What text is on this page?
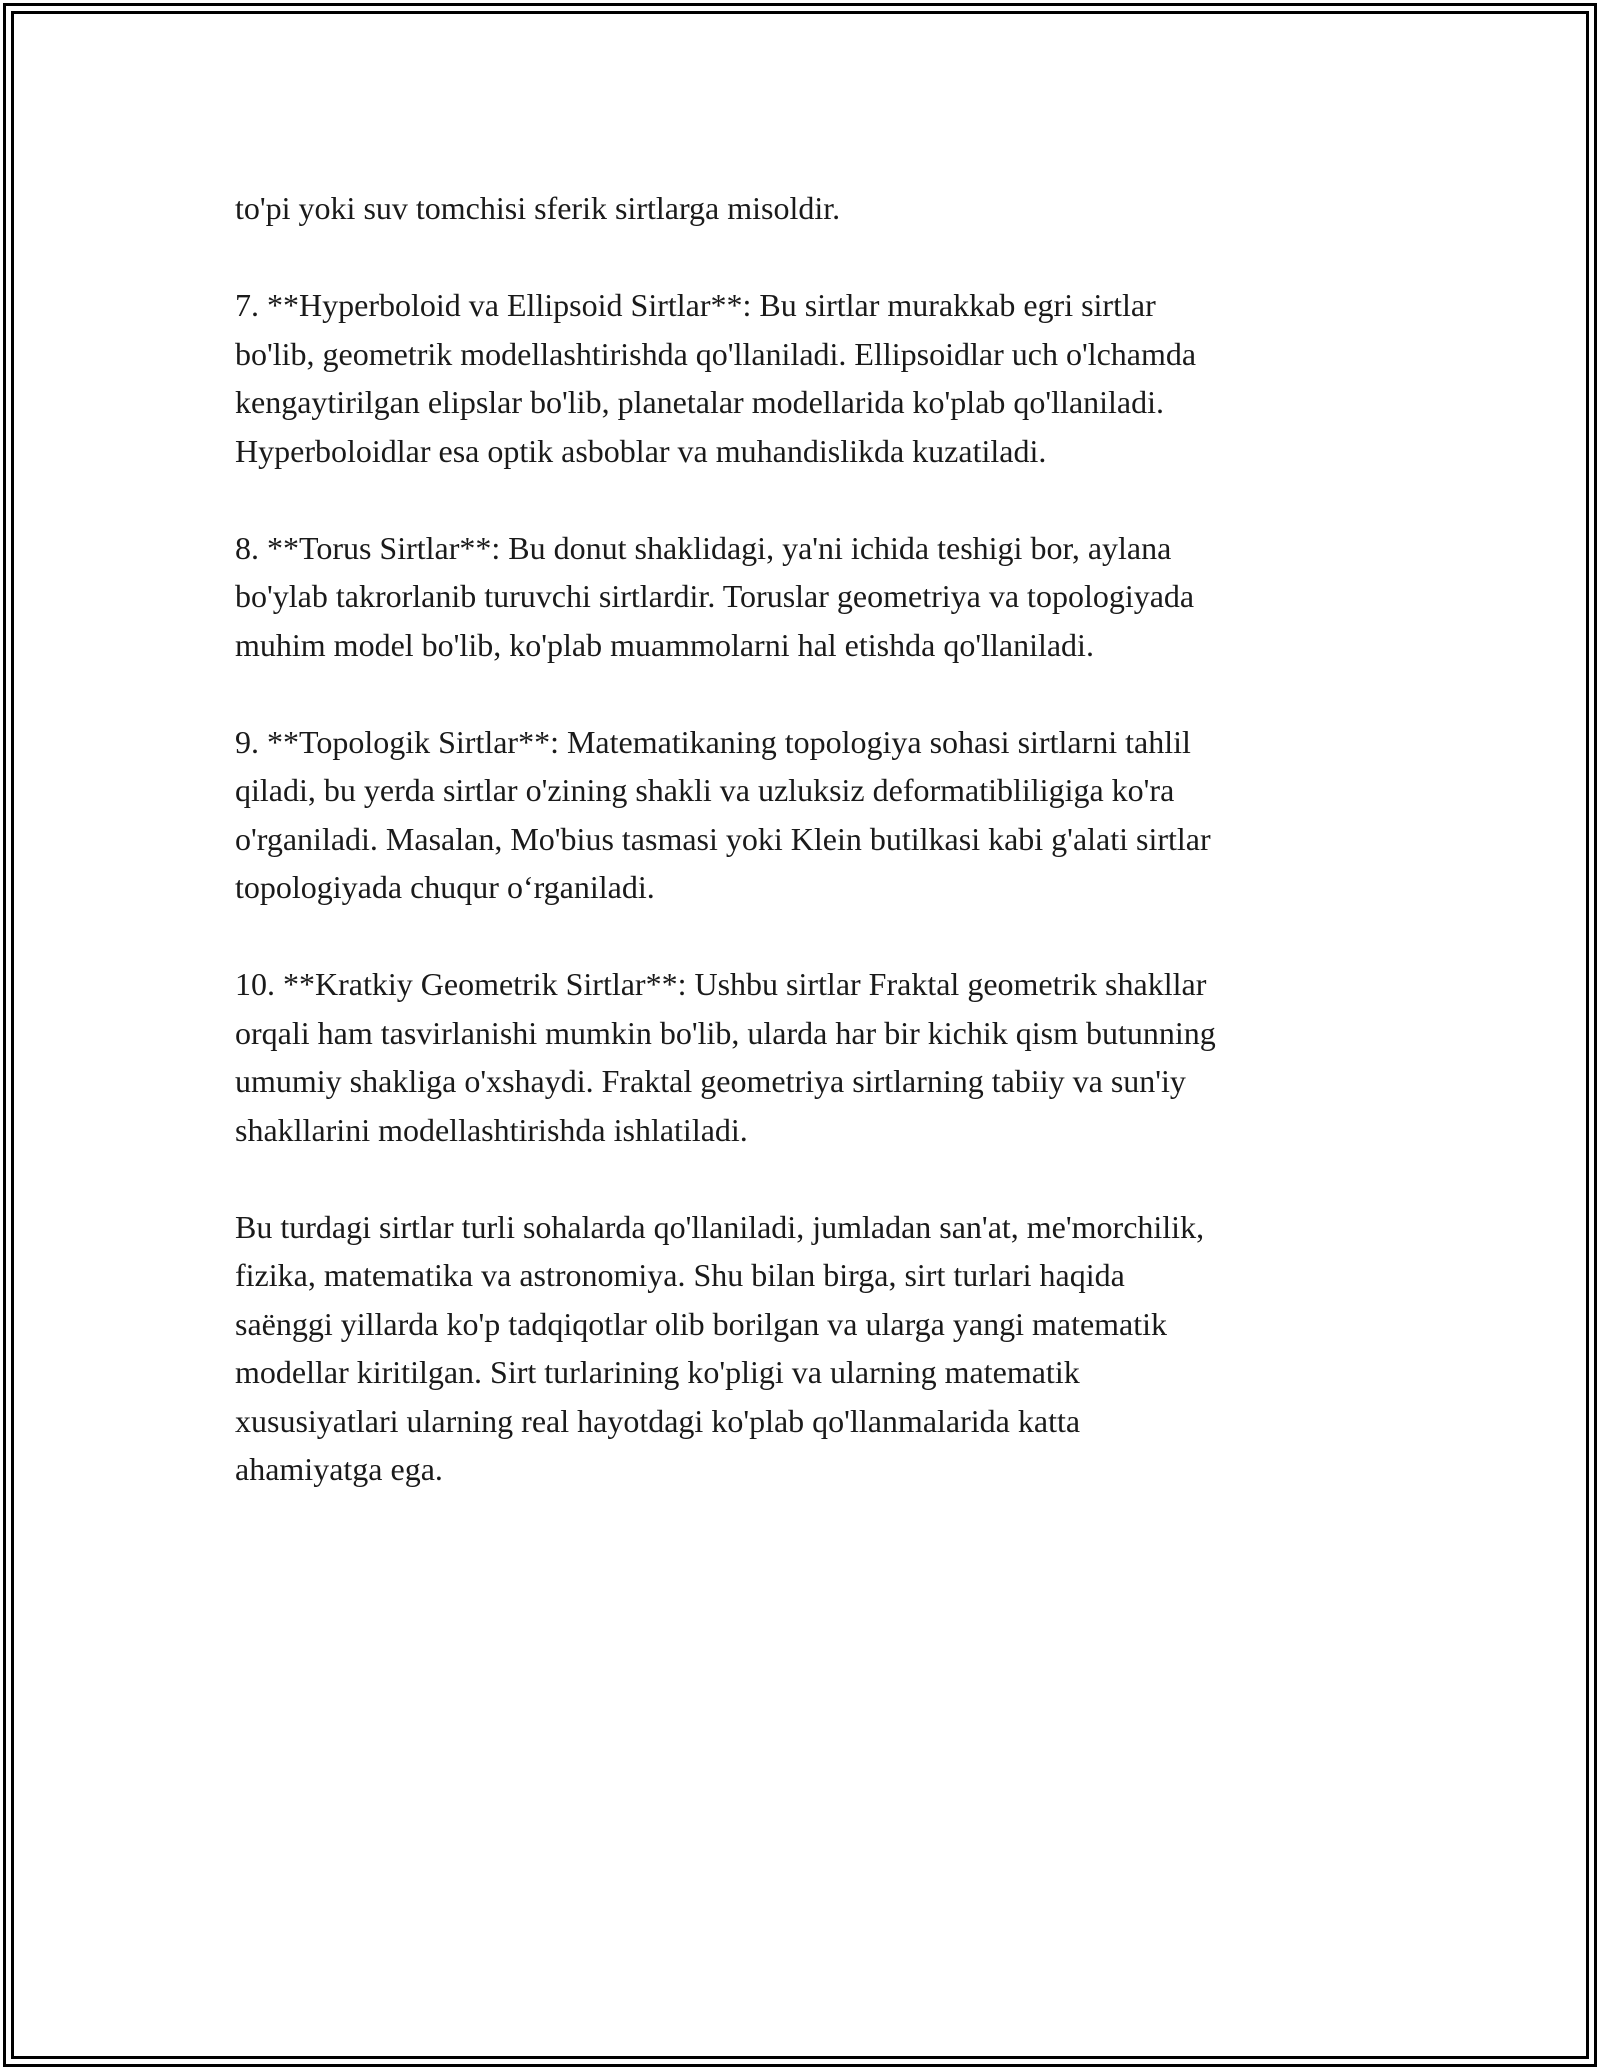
to'pi yoki suv tomchisi sferik sirtlarga misoldir.

7. **Hyperboloid va Ellipsoid Sirtlar**: Bu sirtlar murakkab egri sirtlar
bo'lib, geometrik modellashtirishda qo'llaniladi. Ellipsoidlar uch o'lchamda
kengaytirilgan elipslar bo'lib, planetalar modellarida ko'plab qo'llaniladi.
Hyperboloidlar esa optik asboblar va muhandislikda kuzatiladi.

8. **Torus Sirtlar**: Bu donut shaklidagi, ya'ni ichida teshigi bor, aylana
bo'ylab takrorlanib turuvchi sirtlardir. Toruslar geometriya va topologiyada
muhim model bo'lib, ko'plab muammolarni hal etishda qo'llaniladi.

9. **Topologik Sirtlar**: Matematikaning topologiya sohasi sirtlarni tahlil
qiladi, bu yerda sirtlar o'zining shakli va uzluksiz deformatibliligiga ko'ra
o'rganiladi. Masalan, Mo'bius tasmasi yoki Klein butilkasi kabi g'alati sirtlar
topologiyada chuqur o‘rganiladi.

10. **Kratkiy Geometrik Sirtlar**: Ushbu sirtlar Fraktal geometrik shakllar
orqali ham tasvirlanishi mumkin bo'lib, ularda har bir kichik qism butunning
umumiy shakliga o'xshaydi. Fraktal geometriya sirtlarning tabiiy va sun'iy
shakllarini modellashtirishda ishlatiladi.

Bu turdagi sirtlar turli sohalarda qo'llaniladi, jumladan san'at, me'morchilik,
fizika, matematika va astronomiya. Shu bilan birga, sirt turlari haqida
saënggi yillarda ko'p tadqiqotlar olib borilgan va ularga yangi matematik
modellar kiritilgan. Sirt turlarining ko'pligi va ularning matematik
xususiyatlari ularning real hayotdagi ko'plab qo'llanmalarida katta
ahamiyatga ega.
